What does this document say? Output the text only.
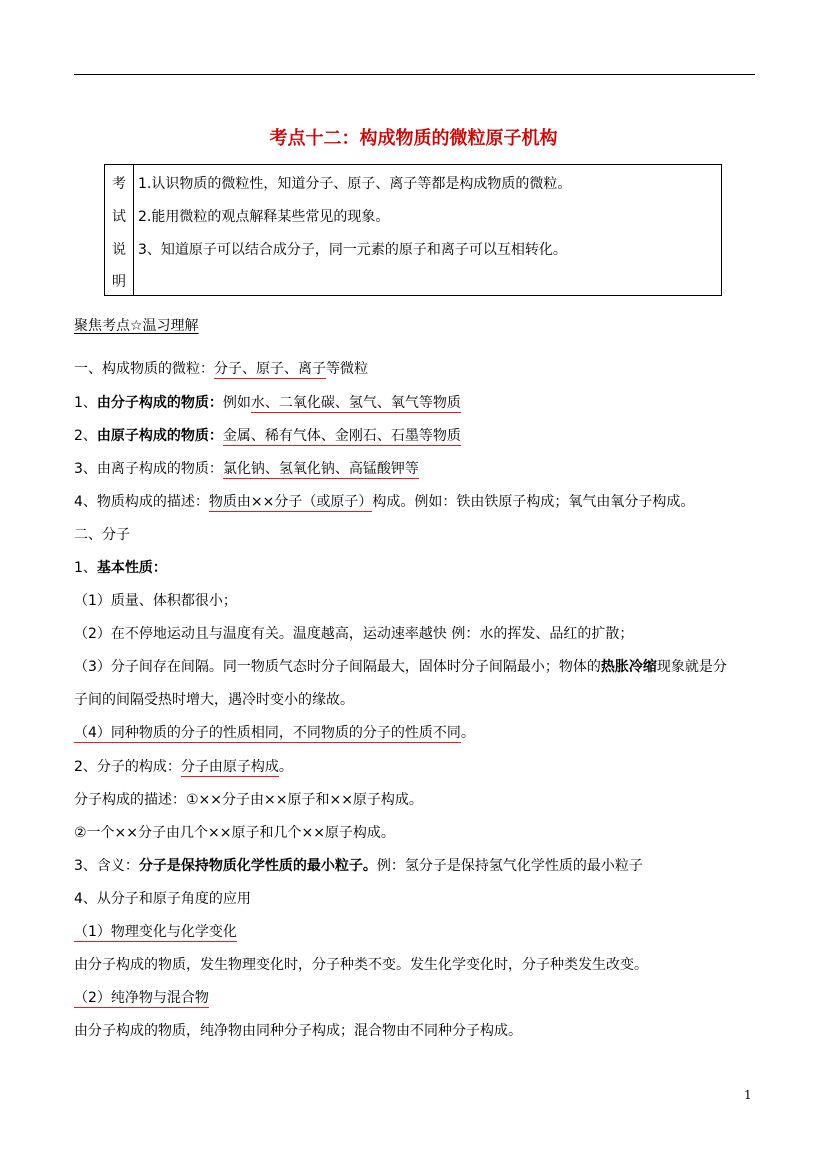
考点十二：构成物质的微粒原子机构
考
试
说
明
1.认识物质的微粒性，知道分子、原子、离子等都是构成物质的微粒。
2.能用微粒的观点解释某些常见的现象。
3、知道原子可以结合成分子，同一元素的原子和离子可以互相转化。
聚焦考点☆温习理解
一、构成物质的微粒：分子、原子、离子等微粒
1、由分子构成的物质：例如水、二氧化碳、氢气、氧气等物质
2、由原子构成的物质：金属、稀有气体、金刚石、石墨等物质
3、由离子构成的物质：氯化钠、氢氧化钠、高锰酸钾等
4、物质构成的描述：物质由××分子（或原子）构成。例如：铁由铁原子构成；氧气由氧分子构成。
二、分子
1、基本性质：
（1）质量、体积都很小；
（2）在不停地运动且与温度有关。温度越高，运动速率越快 例：水的挥发、品红的扩散；
（3）分子间存在间隔。同一物质气态时分子间隔最大，固体时分子间隔最小；物体的热胀冷缩现象就是分
子间的间隔受热时增大，遇冷时变小的缘故。
（4）同种物质的分子的性质相同，不同物质的分子的性质不同。
2、分子的构成：分子由原子构成。
分子构成的描述：①××分子由××原子和××原子构成。
②一个××分子由几个××原子和几个××原子构成。
3、含义：分子是保持物质化学性质的最小粒子。例：氢分子是保持氢气化学性质的最小粒子
4、从分子和原子角度的应用
（1）物理变化与化学变化
由分子构成的物质，发生物理变化时，分子种类不变。发生化学变化时，分子种类发生改变。
（2）纯净物与混合物
由分子构成的物质，纯净物由同种分子构成；混合物由不同种分子构成。
1
